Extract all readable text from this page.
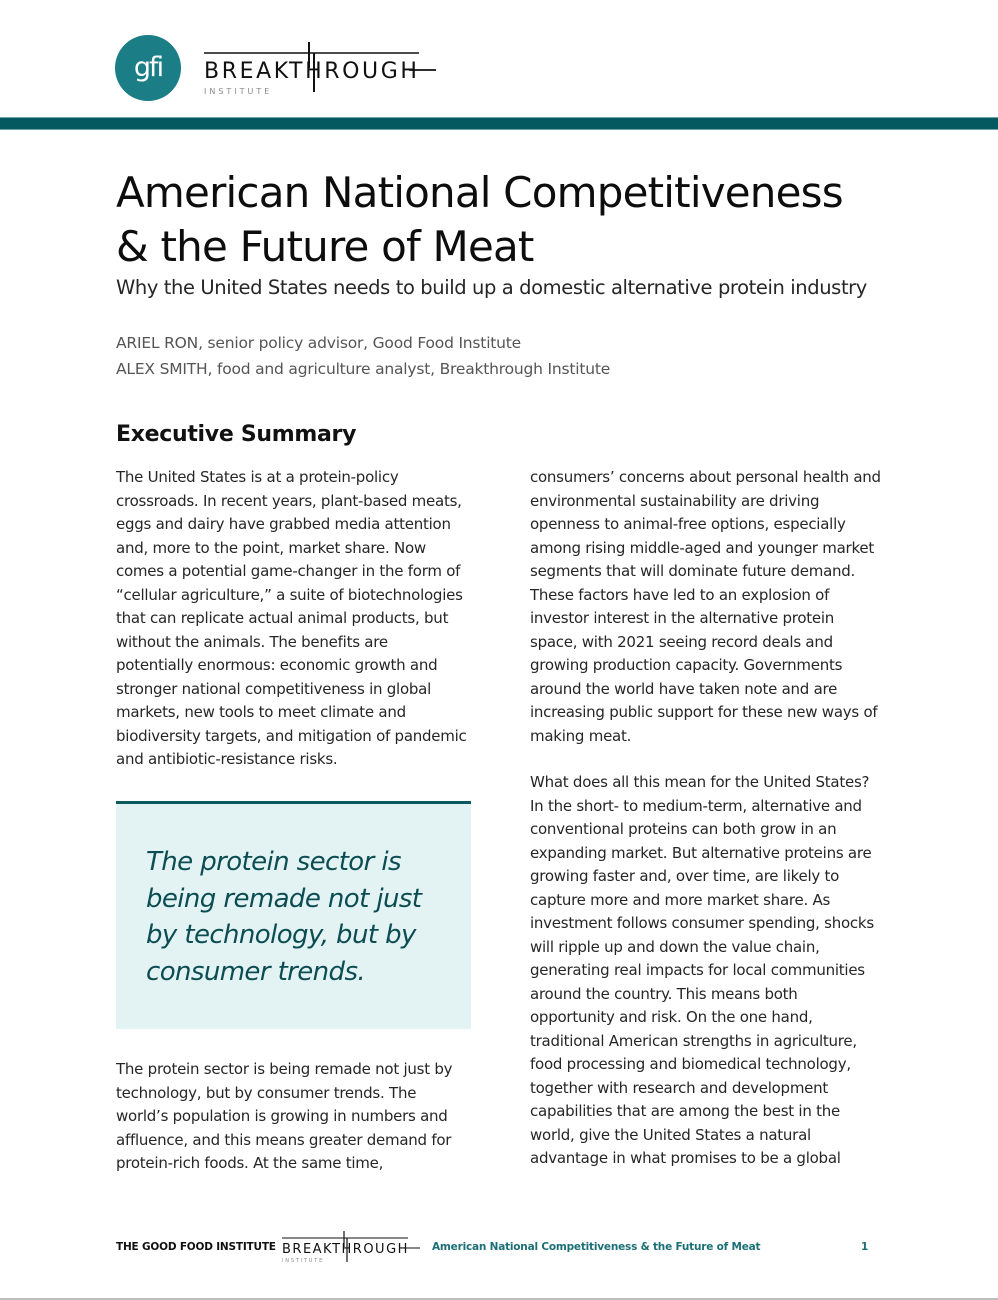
gfi BREAKTHROUGH
INSTITUTE
American National Competitiveness
& the Future of Meat
Why the United States needs to build up a domestic alternative protein industry
ARIEL RON, senior policy advisor, Good Food Institute
ALEX SMITH, food and agriculture analyst, Breakthrough Institute
Executive Summary

The United States is at a protein-policy
crossroads. In recent years, plant-based meats,
eggs and dairy have grabbed media attention
and, more to the point, market share. Now
comes a potential game-changer in the form of
“cellular agriculture,” a suite of biotechnologies
that can replicate actual animal products, but
without the animals. The benefits are
potentially enormous: economic growth and
stronger national competitiveness in global
markets, new tools to meet climate and
biodiversity targets, and mitigation of pandemic
and antibiotic-resistance risks.

The protein sector is
being remade not just
by technology, but by
consumer trends.

The protein sector is being remade not just by
technology, but by consumer trends. The
world’s population is growing in numbers and
affluence, and this means greater demand for
protein-rich foods. At the same time,

consumers’ concerns about personal health and
environmental sustainability are driving
openness to animal-free options, especially
among rising middle-aged and younger market
segments that will dominate future demand.
These factors have led to an explosion of
investor interest in the alternative protein
space, with 2021 seeing record deals and
growing production capacity. Governments
around the world have taken note and are
increasing public support for these new ways of
making meat.

What does all this mean for the United States?
In the short- to medium-term, alternative and
conventional proteins can both grow in an
expanding market. But alternative proteins are
growing faster and, over time, are likely to
capture more and more market share. As
investment follows consumer spending, shocks
will ripple up and down the value chain,
generating real impacts for local communities
around the country. This means both
opportunity and risk. On the one hand,
traditional American strengths in agriculture,
food processing and biomedical technology,
together with research and development
capabilities that are among the best in the
world, give the United States a natural
advantage in what promises to be a global

THE GOOD FOOD INSTITUTE BREAKTHROUGH
INSTITUTE
American National Competitiveness & the Future of Meat	1
